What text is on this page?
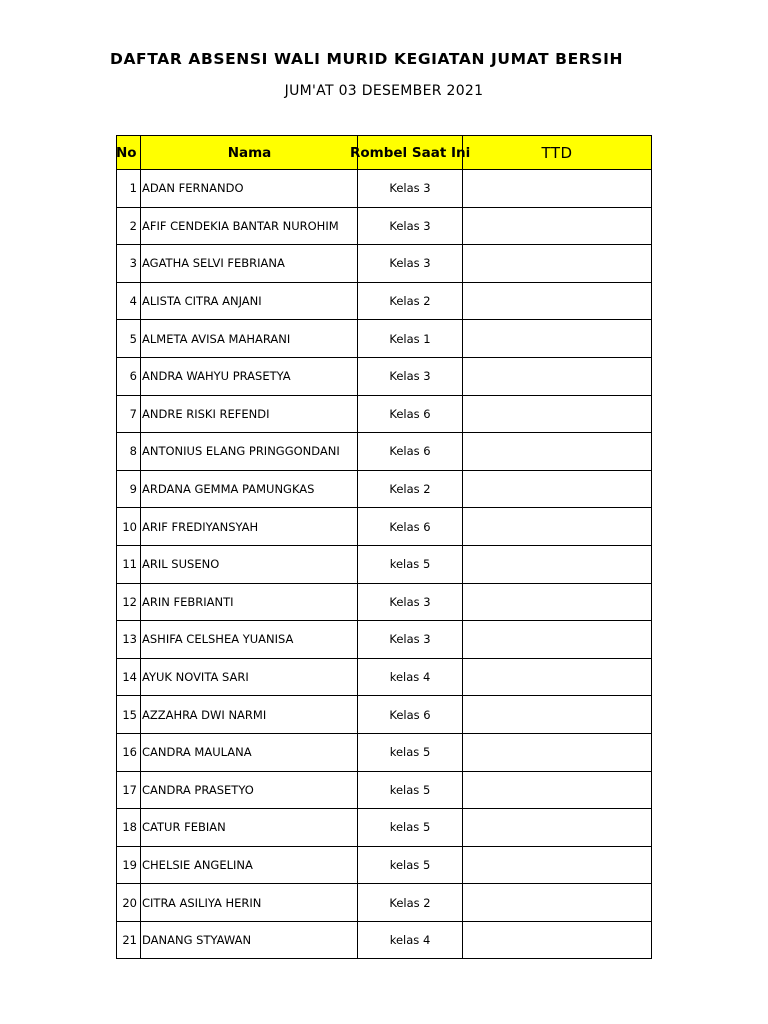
DAFTAR ABSENSI WALI MURID KEGIATAN JUMAT BERSIH
JUM'AT 03 DESEMBER 2021
No	Nama	Rombel Saat Ini	TTD
1	ADAN FERNANDO	Kelas 3	
2	AFIF CENDEKIA BANTAR NUROHIM	Kelas 3	
3	AGATHA SELVI FEBRIANA	Kelas 3	
4	ALISTA CITRA ANJANI	Kelas 2	
5	ALMETA AVISA MAHARANI	Kelas 1	
6	ANDRA WAHYU PRASETYA	Kelas 3	
7	ANDRE RISKI REFENDI	Kelas 6	
8	ANTONIUS ELANG PRINGGONDANI	Kelas 6	
9	ARDANA GEMMA PAMUNGKAS	Kelas 2	
10	ARIF FREDIYANSYAH	Kelas 6	
11	ARIL SUSENO	kelas 5	
12	ARIN FEBRIANTI	Kelas 3	
13	ASHIFA CELSHEA YUANISA	Kelas 3	
14	AYUK NOVITA SARI	kelas 4	
15	AZZAHRA DWI NARMI	Kelas 6	
16	CANDRA MAULANA	kelas 5	
17	CANDRA PRASETYO	kelas 5	
18	CATUR FEBIAN	kelas 5	
19	CHELSIE ANGELINA	kelas 5	
20	CITRA ASILIYA HERIN	Kelas 2	
21	DANANG STYAWAN	kelas 4	
